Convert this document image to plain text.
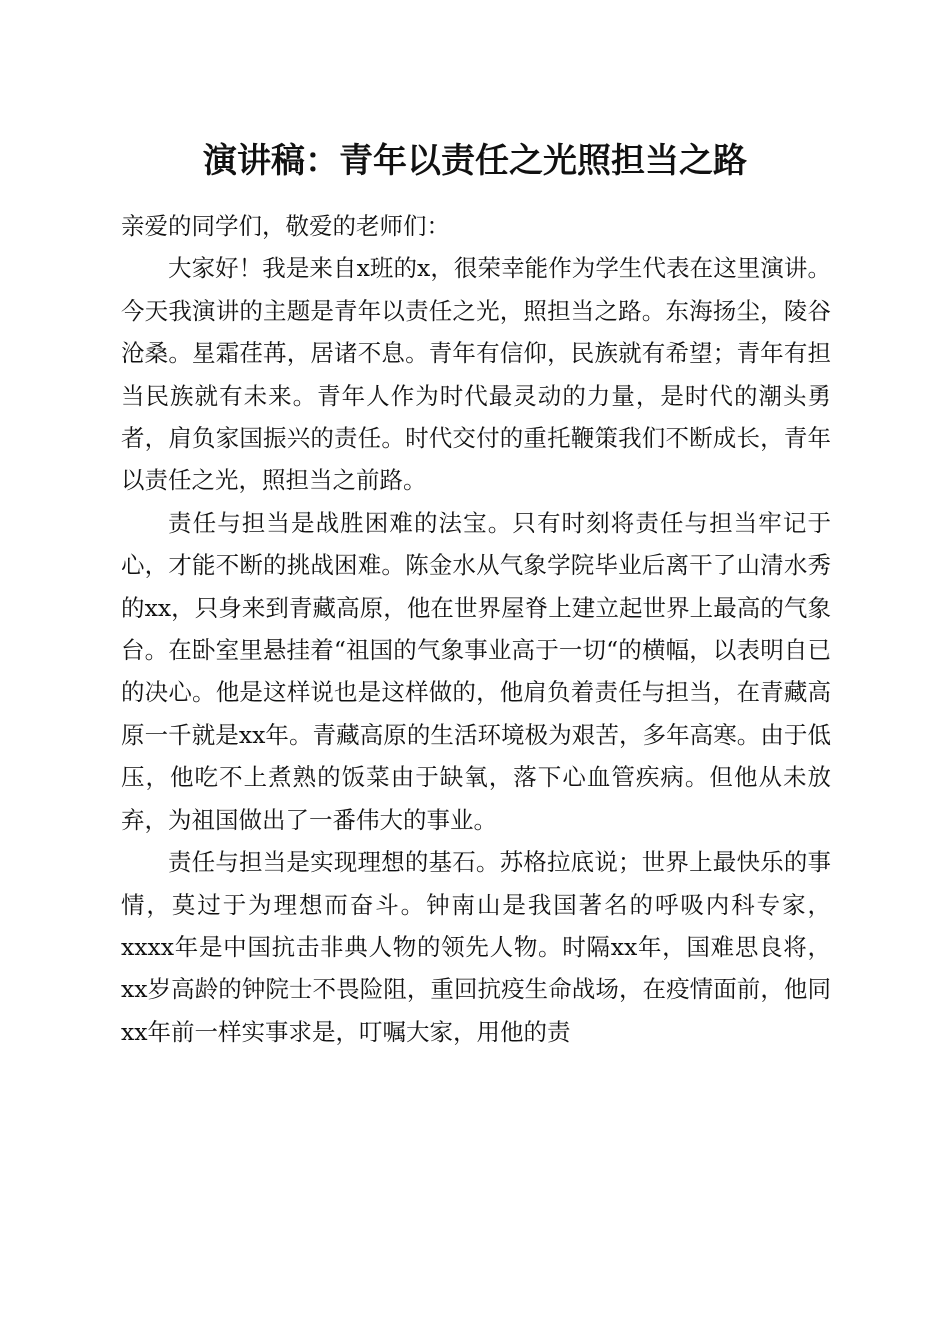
演讲稿：青年以责任之光照担当之路

亲爱的同学们，敬爱的老师们：

大家好！我是来自x班的x，很荣幸能作为学生代表在这里演讲。今天我演讲的主题是青年以责任之光，照担当之路。东海扬尘，陵谷沧桑。星霜荏苒，居诸不息。青年有信仰，民族就有希望；青年有担当民族就有未来。青年人作为时代最灵动的力量，是时代的潮头勇者，肩负家国振兴的责任。时代交付的重托鞭策我们不断成长，青年以责任之光，照担当之前路。

责任与担当是战胜困难的法宝。只有时刻将责任与担当牢记于心，才能不断的挑战困难。陈金水从气象学院毕业后离干了山清水秀的xx，只身来到青藏高原，他在世界屋脊上建立起世界上最高的气象台。在卧室里悬挂着“祖国的气象事业高于一切“的横幅，以表明自已的决心。他是这样说也是这样做的，他肩负着责任与担当，在青藏高原一千就是xx年。青藏高原的生活环境极为艰苦，多年高寒。由于低压，他吃不上煮熟的饭菜由于缺氧，落下心血管疾病。但他从未放弃，为祖国做出了一番伟大的事业。

责任与担当是实现理想的基石。苏格拉底说；世界上最快乐的事情，莫过于为理想而奋斗。钟南山是我国著名的呼吸内科专家，xxxx年是中国抗击非典人物的领先人物。时隔xx年，国难思良将，xx岁高龄的钟院士不畏险阻，重回抗疫生命战场，在疫情面前，他同xx年前一样实事求是，叮嘱大家，用他的责
